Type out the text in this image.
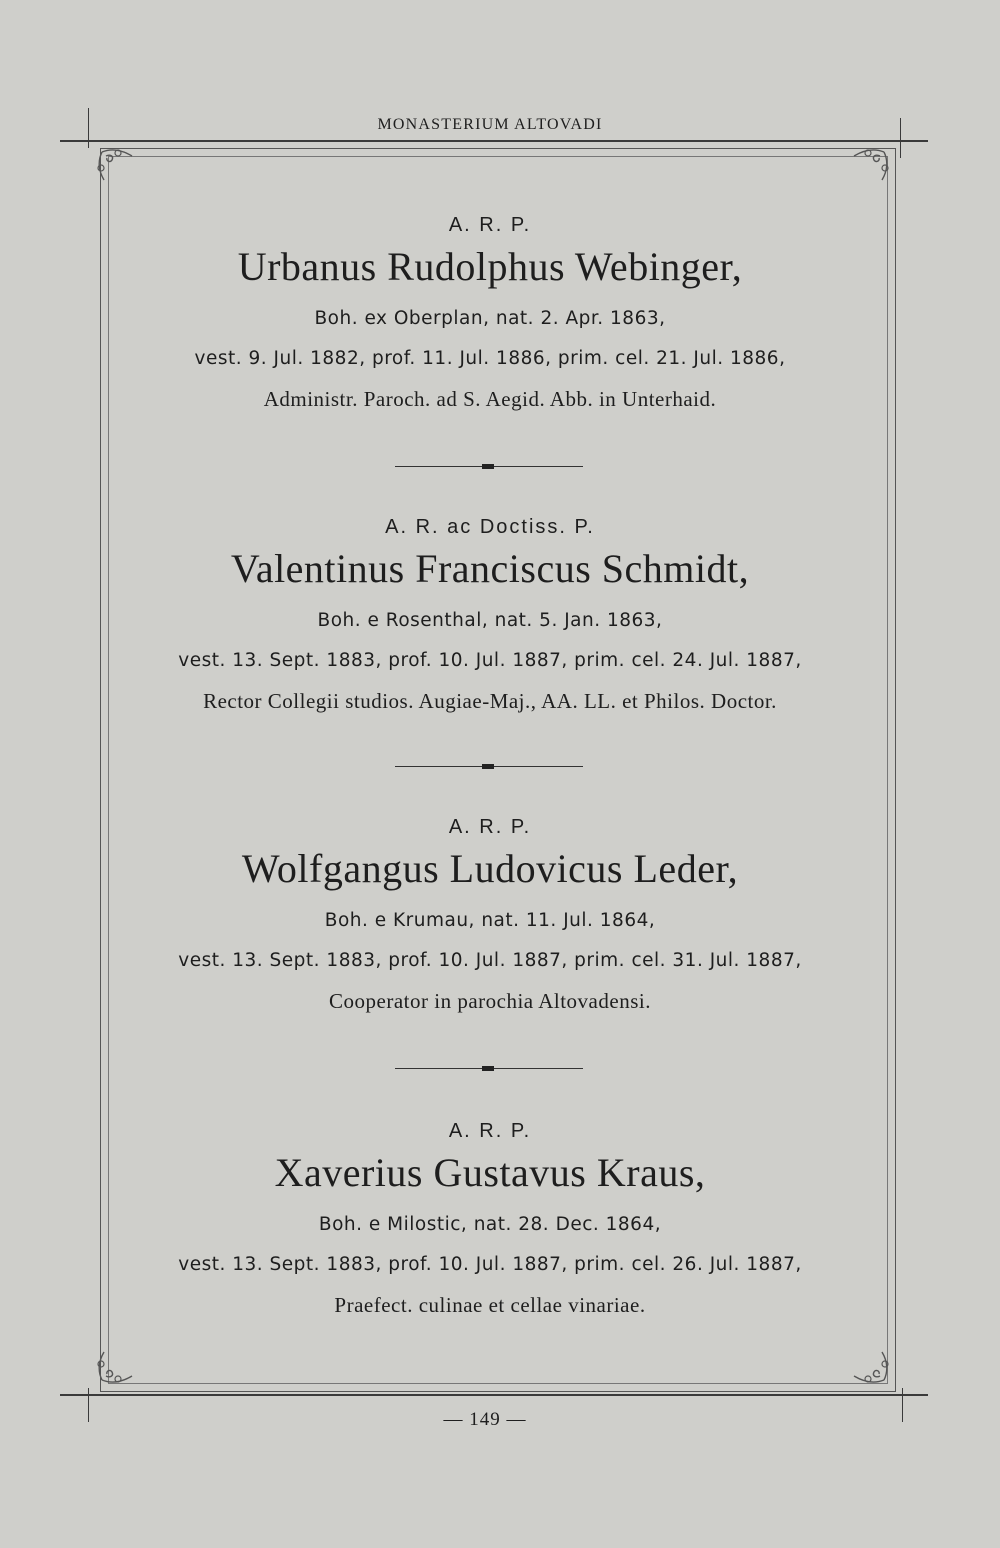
MONASTERIUM ALTOVADI
A. R. P.
Urbanus Rudolphus Webinger,
Boh. ex Oberplan, nat. 2. Apr. 1863,
vest. 9. Jul. 1882, prof. 11. Jul. 1886, prim. cel. 21. Jul. 1886,
Administr. Paroch. ad S. Aegid. Abb. in Unterhaid.
A. R. ac Doctiss. P.
Valentinus Franciscus Schmidt,
Boh. e Rosenthal, nat. 5. Jan. 1863,
vest. 13. Sept. 1883, prof. 10. Jul. 1887, prim. cel. 24. Jul. 1887,
Rector Collegii studios. Augiae-Maj., AA. LL. et Philos. Doctor.
A. R. P.
Wolfgangus Ludovicus Leder,
Boh. e Krumau, nat. 11. Jul. 1864,
vest. 13. Sept. 1883, prof. 10. Jul. 1887, prim. cel. 31. Jul. 1887,
Cooperator in parochia Altovadensi.
A. R. P.
Xaverius Gustavus Kraus,
Boh. e Milostic, nat. 28. Dec. 1864,
vest. 13. Sept. 1883, prof. 10. Jul. 1887, prim. cel. 26. Jul. 1887,
Praefect. culinae et cellae vinariae.
— 149 —
